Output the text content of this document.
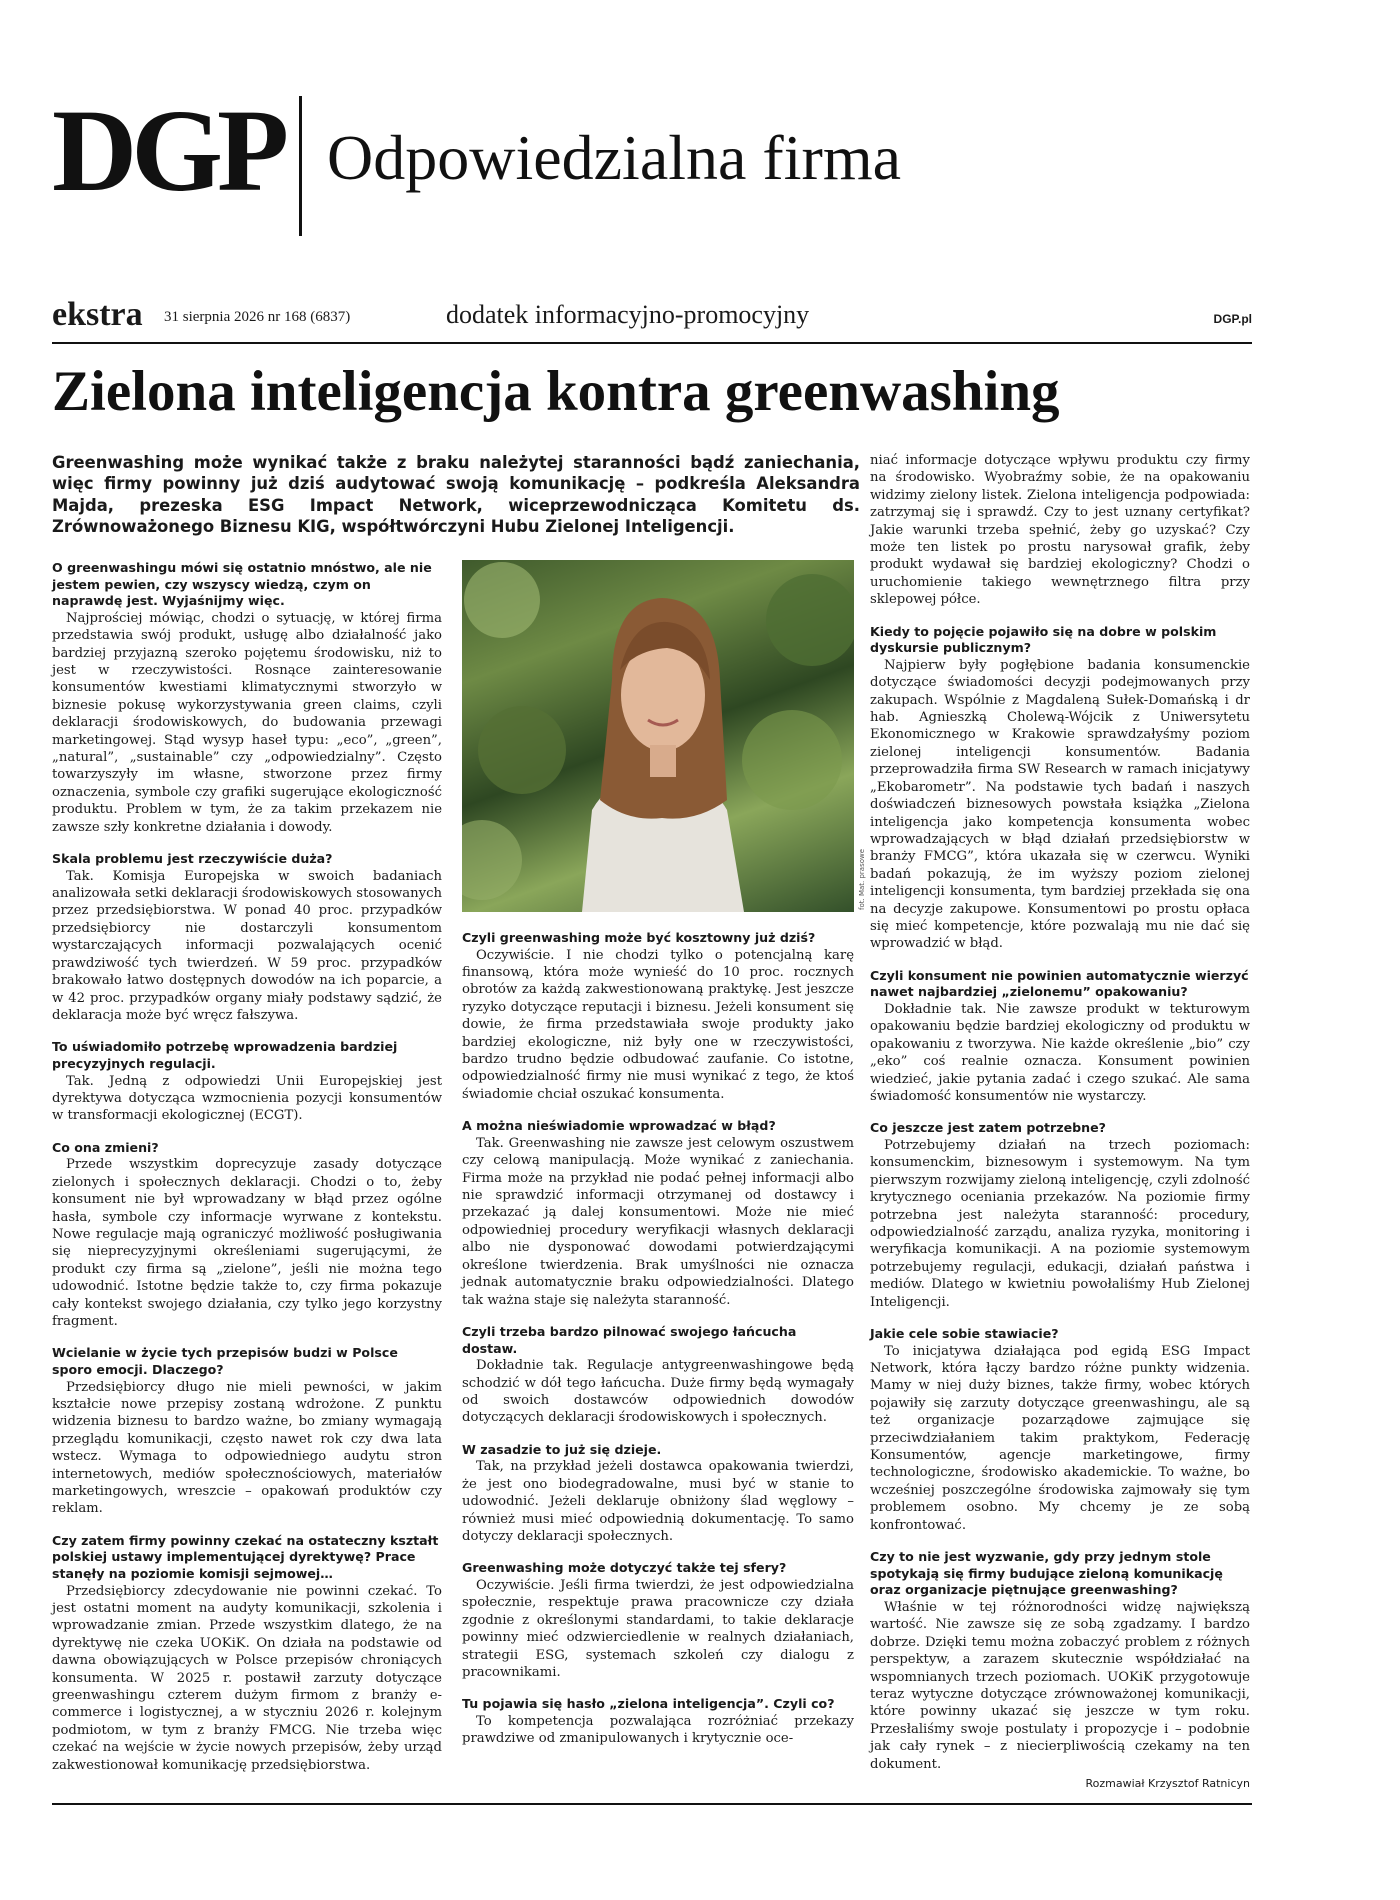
DGP Odpowiedzialna firma
ekstra 31 sierpnia 2026 nr 168 (6837)	dodatek informacyjno-promocyjny	DGP.pl
Zielona inteligencja kontra greenwashing
Greenwashing może wynikać także z braku należytej staranności bądź zaniechania, więc firmy powinny już dziś audytować swoją komunikację – podkreśla Aleksandra Majda, prezeska ESG Impact Network, wiceprzewodnicząca Komitetu ds. Zrównoważonego Biznesu KIG, współtwórczyni Hubu Zielonej Inteligencji.
fot. Mat. prasowe
O greenwashingu mówi się ostatnio mnóstwo, ale nie jestem pewien, czy wszyscy wiedzą, czym on naprawdę jest. Wyjaśnijmy więc.
Najprościej mówiąc, chodzi o sytuację, w której firma przedstawia swój produkt, usługę albo działalność jako bardziej przyjazną szeroko pojętemu środowisku, niż to jest w rzeczywistości. Rosnące zainteresowanie konsumentów kwestiami klimatycznymi stworzyło w biznesie pokusę wykorzystywania green claims, czyli deklaracji środowiskowych, do budowania przewagi marketingowej. Stąd wysyp haseł typu: „eco”, „green”, „natural”, „sustainable” czy „odpowiedzialny”. Często towarzyszyły im własne, stworzone przez firmy oznaczenia, symbole czy grafiki sugerujące ekologiczność produktu. Problem w tym, że za takim przekazem nie zawsze szły konkretne działania i dowody.
Skala problemu jest rzeczywiście duża?
Tak. Komisja Europejska w swoich badaniach analizowała setki deklaracji środowiskowych stosowanych przez przedsiębiorstwa. W ponad 40 proc. przypadków przedsiębiorcy nie dostarczyli konsumentom wystarczających informacji pozwalających ocenić prawdziwość tych twierdzeń. W 59 proc. przypadków brakowało łatwo dostępnych dowodów na ich poparcie, a w 42 proc. przypadków organy miały podstawy sądzić, że deklaracja może być wręcz fałszywa.
To uświadomiło potrzebę wprowadzenia bardziej precyzyjnych regulacji.
Tak. Jedną z odpowiedzi Unii Europejskiej jest dyrektywa dotycząca wzmocnienia pozycji konsumentów w transformacji ekologicznej (ECGT).
Co ona zmieni?
Przede wszystkim doprecyzuje zasady dotyczące zielonych i społecznych deklaracji. Chodzi o to, żeby konsument nie był wprowadzany w błąd przez ogólne hasła, symbole czy informacje wyrwane z kontekstu. Nowe regulacje mają ograniczyć możliwość posługiwania się nieprecyzyjnymi określeniami sugerującymi, że produkt czy firma są „zielone”, jeśli nie można tego udowodnić. Istotne będzie także to, czy firma pokazuje cały kontekst swojego działania, czy tylko jego korzystny fragment.
Wcielanie w życie tych przepisów budzi w Polsce sporo emocji. Dlaczego?
Przedsiębiorcy długo nie mieli pewności, w jakim kształcie nowe przepisy zostaną wdrożone. Z punktu widzenia biznesu to bardzo ważne, bo zmiany wymagają przeglądu komunikacji, często nawet rok czy dwa lata wstecz. Wymaga to odpowiedniego audytu stron internetowych, mediów społecznościowych, materiałów marketingowych, wreszcie – opakowań produktów czy reklam.
Czy zatem firmy powinny czekać na ostateczny kształt polskiej ustawy implementującej dyrektywę? Prace stanęły na poziomie komisji sejmowej…
Przedsiębiorcy zdecydowanie nie powinni czekać. To jest ostatni moment na audyty komunikacji, szkolenia i wprowadzanie zmian. Przede wszystkim dlatego, że na dyrektywę nie czeka UOKiK. On działa na podstawie od dawna obowiązujących w Polsce przepisów chroniących konsumenta. W 2025 r. postawił zarzuty dotyczące greenwashingu czterem dużym firmom z branży e-commerce i logistycznej, a w styczniu 2026 r. kolejnym podmiotom, w tym z branży FMCG. Nie trzeba więc czekać na wejście w życie nowych przepisów, żeby urząd zakwestionował komunikację przedsiębiorstwa.
Czyli greenwashing może być kosztowny już dziś?
Oczywiście. I nie chodzi tylko o potencjalną karę finansową, która może wynieść do 10 proc. rocznych obrotów za każdą zakwestionowaną praktykę. Jest jeszcze ryzyko dotyczące reputacji i biznesu. Jeżeli konsument się dowie, że firma przedstawiała swoje produkty jako bardziej ekologiczne, niż były one w rzeczywistości, bardzo trudno będzie odbudować zaufanie. Co istotne, odpowiedzialność firmy nie musi wynikać z tego, że ktoś świadomie chciał oszukać konsumenta.
A można nieświadomie wprowadzać w błąd?
Tak. Greenwashing nie zawsze jest celowym oszustwem czy celową manipulacją. Może wynikać z zaniechania. Firma może na przykład nie podać pełnej informacji albo nie sprawdzić informacji otrzymanej od dostawcy i przekazać ją dalej konsumentowi. Może nie mieć odpowiedniej procedury weryfikacji własnych deklaracji albo nie dysponować dowodami potwierdzającymi określone twierdzenia. Brak umyślności nie oznacza jednak automatycznie braku odpowiedzialności. Dlatego tak ważna staje się należyta staranność.
Czyli trzeba bardzo pilnować swojego łańcucha dostaw.
Dokładnie tak. Regulacje antygreenwashingowe będą schodzić w dół tego łańcucha. Duże firmy będą wymagały od swoich dostawców odpowiednich dowodów dotyczących deklaracji środowiskowych i społecznych.
W zasadzie to już się dzieje.
Tak, na przykład jeżeli dostawca opakowania twierdzi, że jest ono biodegradowalne, musi być w stanie to udowodnić. Jeżeli deklaruje obniżony ślad węglowy – również musi mieć odpowiednią dokumentację. To samo dotyczy deklaracji społecznych.
Greenwashing może dotyczyć także tej sfery?
Oczywiście. Jeśli firma twierdzi, że jest odpowiedzialna społecznie, respektuje prawa pracownicze czy działa zgodnie z określonymi standardami, to takie deklaracje powinny mieć odzwierciedlenie w realnych działaniach, strategii ESG, systemach szkoleń czy dialogu z pracownikami.
Tu pojawia się hasło „zielona inteligencja”. Czyli co?
To kompetencja pozwalająca rozróżniać przekazy prawdziwe od zmanipulowanych i krytycznie oce-
niać informacje dotyczące wpływu produktu czy firmy na środowisko. Wyobraźmy sobie, że na opakowaniu widzimy zielony listek. Zielona inteligencja podpowiada: zatrzymaj się i sprawdź. Czy to jest uznany certyfikat? Jakie warunki trzeba spełnić, żeby go uzyskać? Czy może ten listek po prostu narysował grafik, żeby produkt wydawał się bardziej ekologiczny? Chodzi o uruchomienie takiego wewnętrznego filtra przy sklepowej półce.
Kiedy to pojęcie pojawiło się na dobre w polskim dyskursie publicznym?
Najpierw były pogłębione badania konsumenckie dotyczące świadomości decyzji podejmowanych przy zakupach. Wspólnie z Magdaleną Sułek-Domańską i dr hab. Agnieszką Cholewą-Wójcik z Uniwersytetu Ekonomicznego w Krakowie sprawdzałyśmy poziom zielonej inteligencji konsumentów. Badania przeprowadziła firma SW Research w ramach inicjatywy „Ekobarometr”. Na podstawie tych badań i naszych doświadczeń biznesowych powstała książka „Zielona inteligencja jako kompetencja konsumenta wobec wprowadzających w błąd działań przedsiębiorstw w branży FMCG”, która ukazała się w czerwcu. Wyniki badań pokazują, że im wyższy poziom zielonej inteligencji konsumenta, tym bardziej przekłada się ona na decyzje zakupowe. Konsumentowi po prostu opłaca się mieć kompetencje, które pozwalają mu nie dać się wprowadzić w błąd.
Czyli konsument nie powinien automatycznie wierzyć nawet najbardziej „zielonemu” opakowaniu?
Dokładnie tak. Nie zawsze produkt w tekturowym opakowaniu będzie bardziej ekologiczny od produktu w opakowaniu z tworzywa. Nie każde określenie „bio” czy „eko” coś realnie oznacza. Konsument powinien wiedzieć, jakie pytania zadać i czego szukać. Ale sama świadomość konsumentów nie wystarczy.
Co jeszcze jest zatem potrzebne?
Potrzebujemy działań na trzech poziomach: konsumenckim, biznesowym i systemowym. Na tym pierwszym rozwijamy zieloną inteligencję, czyli zdolność krytycznego oceniania przekazów. Na poziomie firmy potrzebna jest należyta staranność: procedury, odpowiedzialność zarządu, analiza ryzyka, monitoring i weryfikacja komunikacji. A na poziomie systemowym potrzebujemy regulacji, edukacji, działań państwa i mediów. Dlatego w kwietniu powołaliśmy Hub Zielonej Inteligencji.
Jakie cele sobie stawiacie?
To inicjatywa działająca pod egidą ESG Impact Network, która łączy bardzo różne punkty widzenia. Mamy w niej duży biznes, także firmy, wobec których pojawiły się zarzuty dotyczące greenwashingu, ale są też organizacje pozarządowe zajmujące się przeciwdziałaniem takim praktykom, Federację Konsumentów, agencje marketingowe, firmy technologiczne, środowisko akademickie. To ważne, bo wcześniej poszczególne środowiska zajmowały się tym problemem osobno. My chcemy je ze sobą konfrontować.
Czy to nie jest wyzwanie, gdy przy jednym stole spotykają się firmy budujące zieloną komunikację oraz organizacje piętnujące greenwashing?
Właśnie w tej różnorodności widzę największą wartość. Nie zawsze się ze sobą zgadzamy. I bardzo dobrze. Dzięki temu można zobaczyć problem z różnych perspektyw, a zarazem skutecznie współdziałać na wspomnianych trzech poziomach. UOKiK przygotowuje teraz wytyczne dotyczące zrównoważonej komunikacji, które powinny ukazać się jeszcze w tym roku. Przesłaliśmy swoje postulaty i propozycje i – podobnie jak cały rynek – z niecierpliwością czekamy na ten dokument.
Rozmawiał Krzysztof Ratnicyn
